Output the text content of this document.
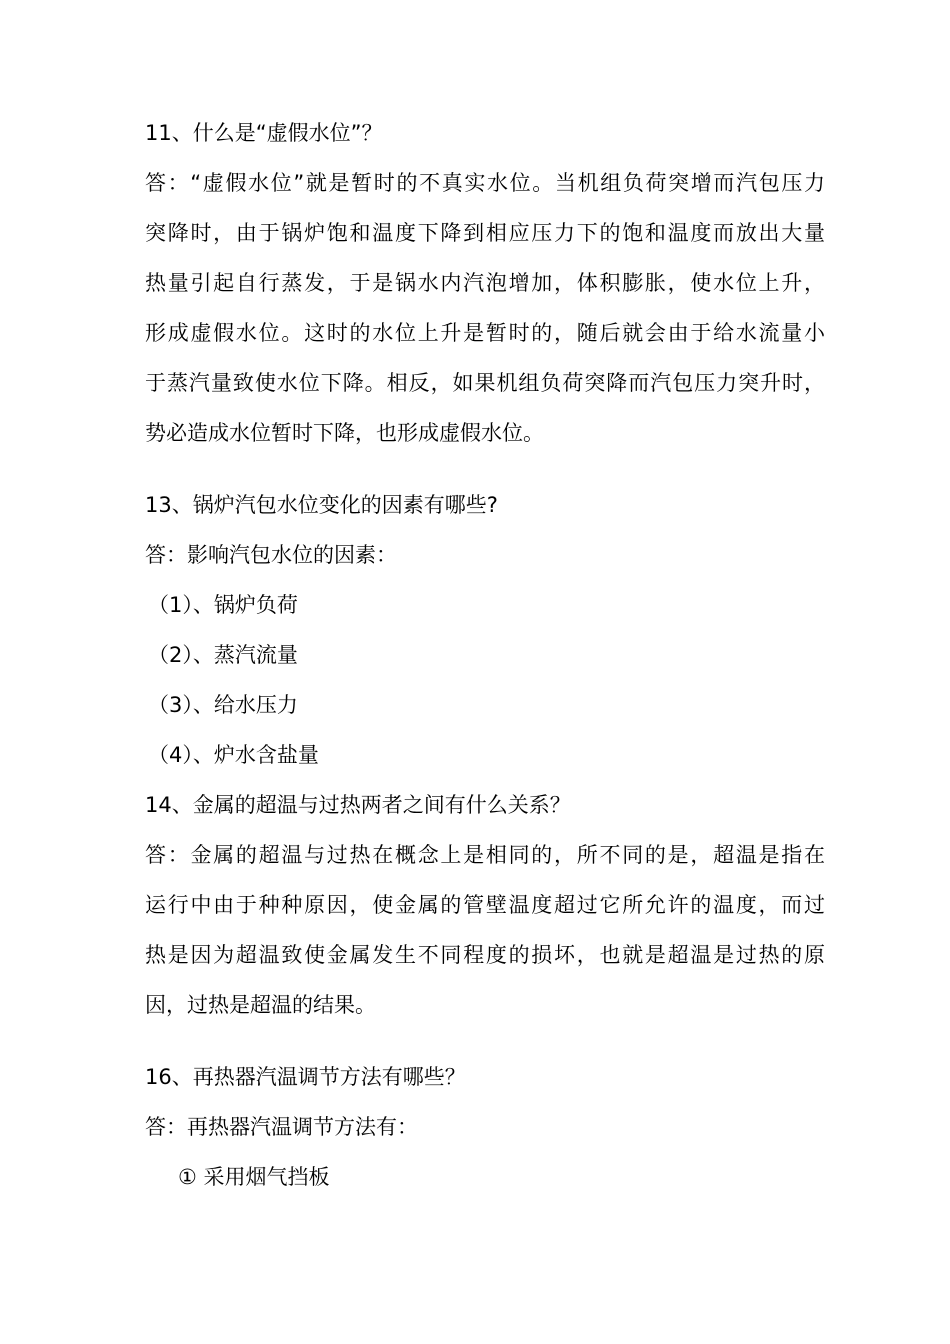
11、什么是“虚假水位”？
答：“虚假水位”就是暂时的不真实水位。当机组负荷突增而汽包压力
突降时，由于锅炉饱和温度下降到相应压力下的饱和温度而放出大量
热量引起自行蒸发，于是锅水内汽泡增加，体积膨胀，使水位上升，
形成虚假水位。这时的水位上升是暂时的，随后就会由于给水流量小
于蒸汽量致使水位下降。相反，如果机组负荷突降而汽包压力突升时，
势必造成水位暂时下降，也形成虚假水位。
13、锅炉汽包水位变化的因素有哪些?
答：影响汽包水位的因素：
（1）、锅炉负荷
（2）、蒸汽流量
（3）、给水压力
（4）、炉水含盐量
14、金属的超温与过热两者之间有什么关系？
答：金属的超温与过热在概念上是相同的，所不同的是，超温是指在
运行中由于种种原因，使金属的管壁温度超过它所允许的温度，而过
热是因为超温致使金属发生不同程度的损坏，也就是超温是过热的原
因，过热是超温的结果。
16、再热器汽温调节方法有哪些？
答：再热器汽温调节方法有：
① 采用烟气挡板
